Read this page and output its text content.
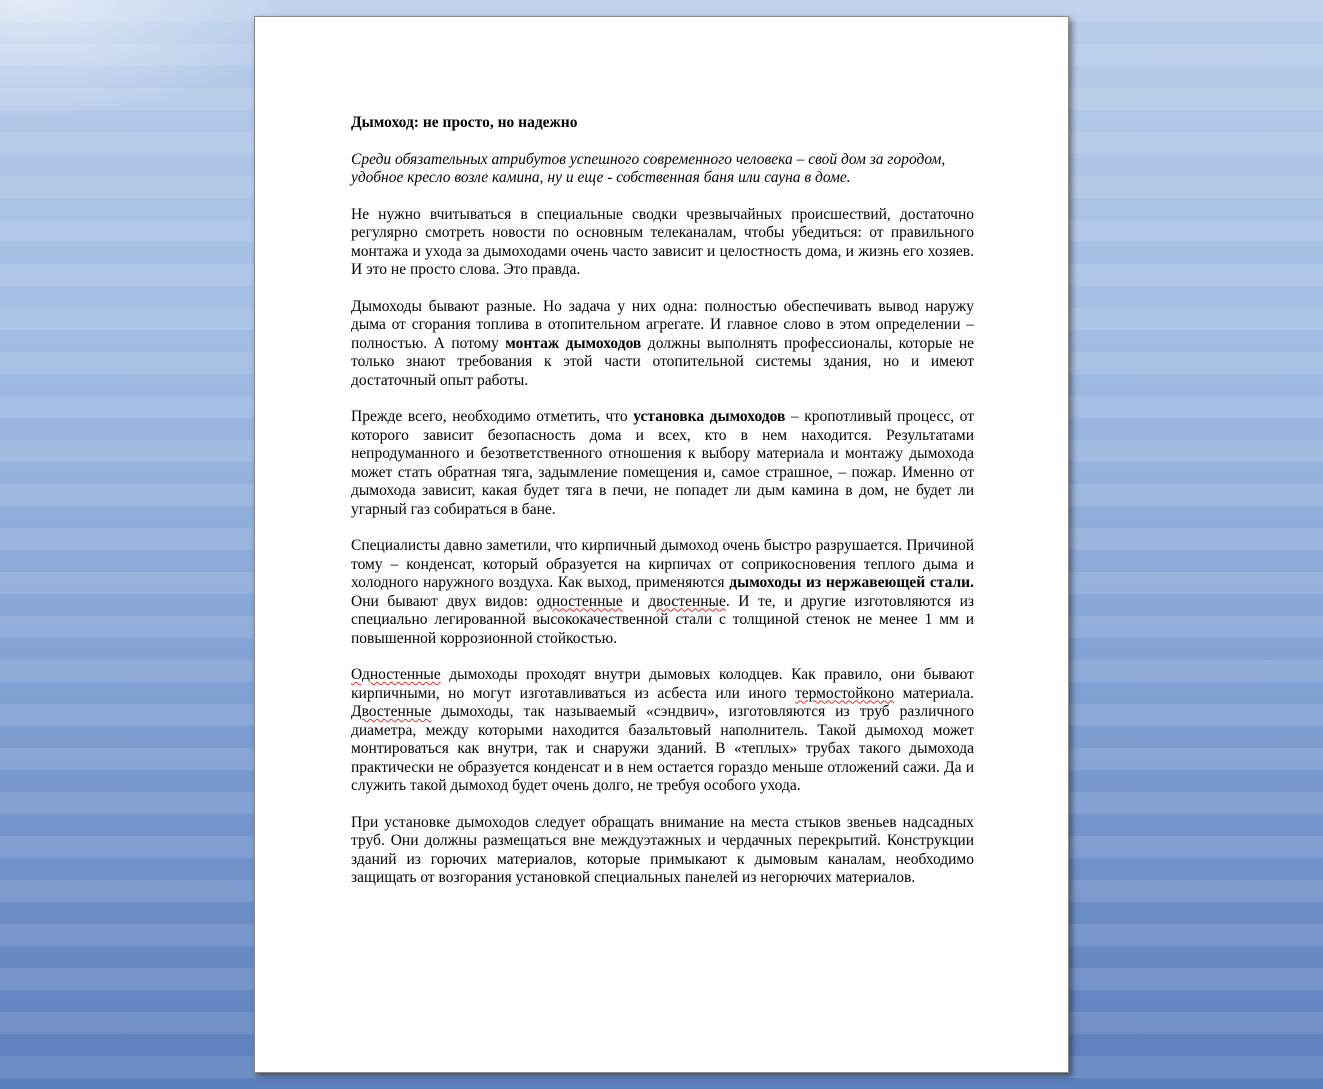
Дымоход: не просто, но надежно

Среди обязательных атрибутов успешного современного человека – свой дом за городом, удобное кресло возле камина, ну и еще - собственная баня или сауна в доме.

Не нужно вчитываться в специальные сводки чрезвычайных происшествий, достаточно регулярно смотреть новости по основным телеканалам, чтобы убедиться: от правильного монтажа и ухода за дымоходами очень часто зависит и целостность дома, и жизнь его хозяев. И это не просто слова. Это правда.

Дымоходы бывают разные. Но задача у них одна: полностью обеспечивать вывод наружу дыма от сгорания топлива в отопительном агрегате. И главное слово в этом определении – полностью. А потому монтаж дымоходов должны выполнять профессионалы, которые не только знают требования к этой части отопительной системы здания, но и имеют достаточный опыт работы.

Прежде всего, необходимо отметить, что установка дымоходов – кропотливый процесс, от которого зависит безопасность дома и всех, кто в нем находится. Результатами непродуманного и безответственного отношения к выбору материала и монтажу дымохода может стать обратная тяга, задымление помещения и, самое страшное, – пожар. Именно от дымохода зависит, какая будет тяга в печи, не попадет ли дым камина в дом, не будет ли угарный газ собираться в бане.

Специалисты давно заметили, что кирпичный дымоход очень быстро разрушается. Причиной тому – конденсат, который образуется на кирпичах от соприкосновения теплого дыма и холодного наружного воздуха. Как выход, применяются дымоходы из нержавеющей стали. Они бывают двух видов: одностенные и двостенные. И те, и другие изготовляются из специально легированной высококачественной стали с толщиной стенок не менее 1 мм и повышенной коррозионной стойкостью.

Одностенные дымоходы проходят внутри дымовых колодцев. Как правило, они бывают кирпичными, но могут изготавливаться из асбеста или иного термостойконо материала. Двостенные дымоходы, так называемый «сэндвич», изготовляются из труб различного диаметра, между которыми находится базальтовый наполнитель. Такой дымоход может монтироваться как внутри, так и снаружи зданий. В «теплых» трубах такого дымохода практически не образуется конденсат и в нем остается гораздо меньше отложений сажи. Да и служить такой дымоход будет очень долго, не требуя особого ухода.

При установке дымоходов следует обращать внимание на места стыков звеньев надсадных труб. Они должны размещаться вне междуэтажных и чердачных перекрытий. Конструкции зданий из горючих материалов, которые примыкают к дымовым каналам, необходимо защищать от возгорания установкой специальных панелей из негорючих материалов.
